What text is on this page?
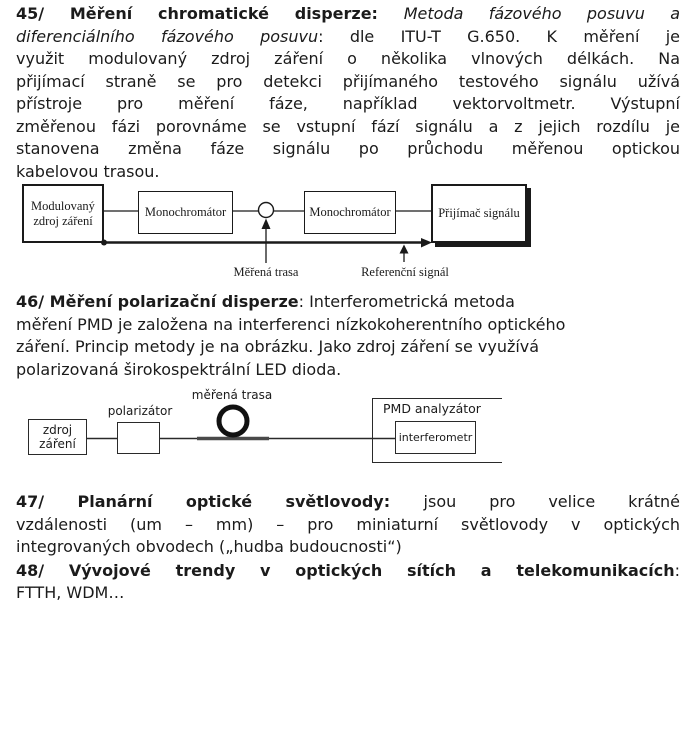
45/ Měření chromatické disperze: Metoda fázového posuvu a
diferenciálního fázového posuvu: dle ITU-T G.650. K měření je
využit modulovaný zdroj záření o několika vlnových délkách. Na
přijímací straně se pro detekci přijímaného testového signálu užívá
přístroje pro měření fáze, například vektorvoltmetr. Výstupní
změřenou fázi porovnáme se vstupní fází signálu a z jejich rozdílu je
stanovena změna fáze signálu po průchodu měřenou optickou
kabelovou trasou.
Modulovaný zdroj záření
Monochromátor	Monochromátor	Přijímač signálu
Měřená trasa	Referenční signál
46/ Měření polarizační disperze: Interferometrická metoda
měření PMD je založena na interferenci nízkokoherentního optického
záření. Princip metody je na obrázku. Jako zdroj záření se využívá
polarizovaná širokospektrální LED dioda.
měřená trasa
polarizátor
zdroj záření
PMD analyzátor
interferometr
47/ Planární optické světlovody: jsou pro velice krátné
vzdálenosti (um – mm) – pro miniaturní světlovody v optických
integrovaných obvodech („hudba budoucnosti“)
48/ Vývojové trendy v optických sítích a telekomunikacích:
FTTH, WDM…
